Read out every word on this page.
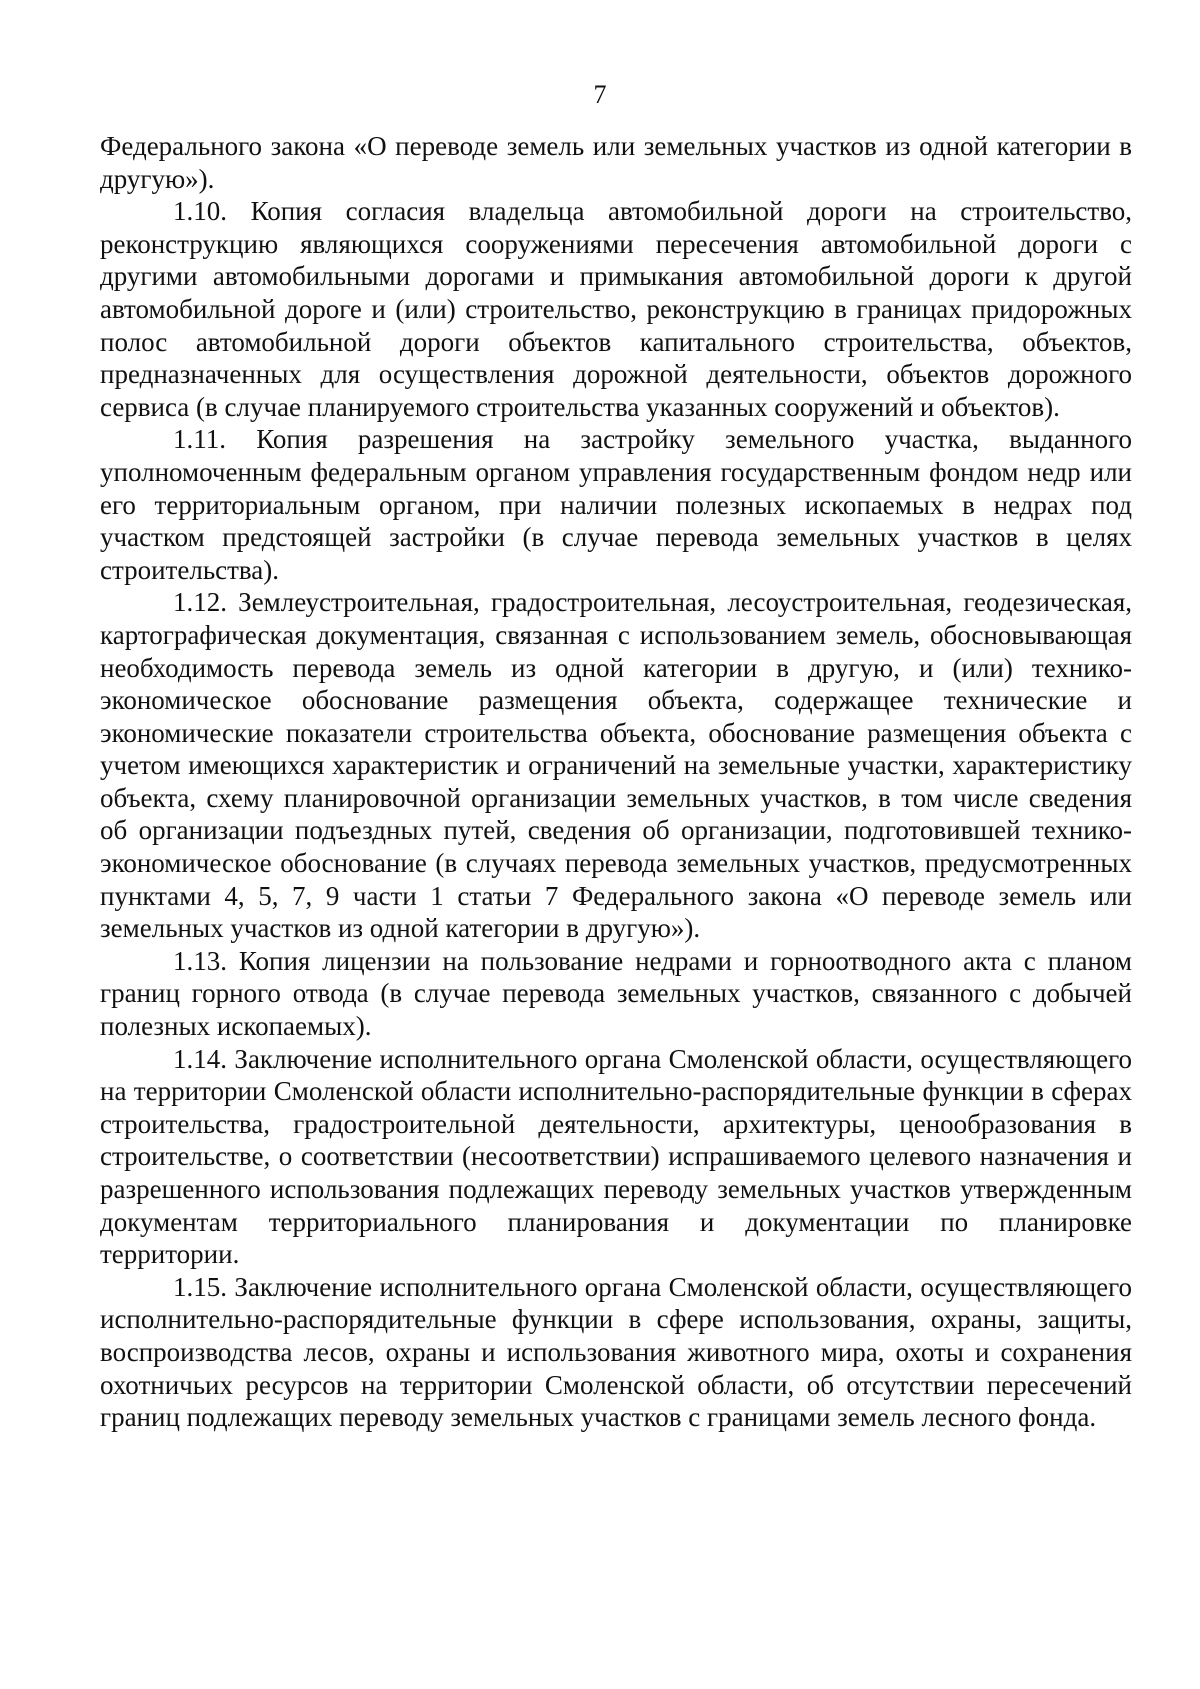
7

Федерального закона «О переводе земель или земельных участков из одной категории в другую»).

1.10. Копия согласия владельца автомобильной дороги на строительство, реконструкцию являющихся сооружениями пересечения автомобильной дороги с другими автомобильными дорогами и примыкания автомобильной дороги к другой автомобильной дороге и (или) строительство, реконструкцию в границах придорожных полос автомобильной дороги объектов капитального строительства, объектов, предназначенных для осуществления дорожной деятельности, объектов дорожного сервиса (в случае планируемого строительства указанных сооружений и объектов).

1.11. Копия разрешения на застройку земельного участка, выданного уполномоченным федеральным органом управления государственным фондом недр или его территориальным органом, при наличии полезных ископаемых в недрах под участком предстоящей застройки (в случае перевода земельных участков в целях строительства).

1.12. Землеустроительная, градостроительная, лесоустроительная, геодезическая, картографическая документация, связанная с использованием земель, обосновывающая необходимость перевода земель из одной категории в другую, и (или) технико-экономическое обоснование размещения объекта, содержащее технические и экономические показатели строительства объекта, обоснование размещения объекта с учетом имеющихся характеристик и ограничений на земельные участки, характеристику объекта, схему планировочной организации земельных участков, в том числе сведения об организации подъездных путей, сведения об организации, подготовившей технико-экономическое обоснование (в случаях перевода земельных участков, предусмотренных пунктами 4, 5, 7, 9 части 1 статьи 7 Федерального закона «О переводе земель или земельных участков из одной категории в другую»).

1.13. Копия лицензии на пользование недрами и горноотводного акта с планом границ горного отвода (в случае перевода земельных участков, связанного с добычей полезных ископаемых).

1.14. Заключение исполнительного органа Смоленской области, осуществляющего на территории Смоленской области исполнительно-распорядительные функции в сферах строительства, градостроительной деятельности, архитектуры, ценообразования в строительстве, о соответствии (несоответствии) испрашиваемого целевого назначения и разрешенного использования подлежащих переводу земельных участков утвержденным документам территориального планирования и документации по планировке территории.

1.15. Заключение исполнительного органа Смоленской области, осуществляющего исполнительно-распорядительные функции в сфере использования, охраны, защиты, воспроизводства лесов, охраны и использования животного мира, охоты и сохранения охотничьих ресурсов на территории Смоленской области, об отсутствии пересечений границ подлежащих переводу земельных участков с границами земель лесного фонда.
